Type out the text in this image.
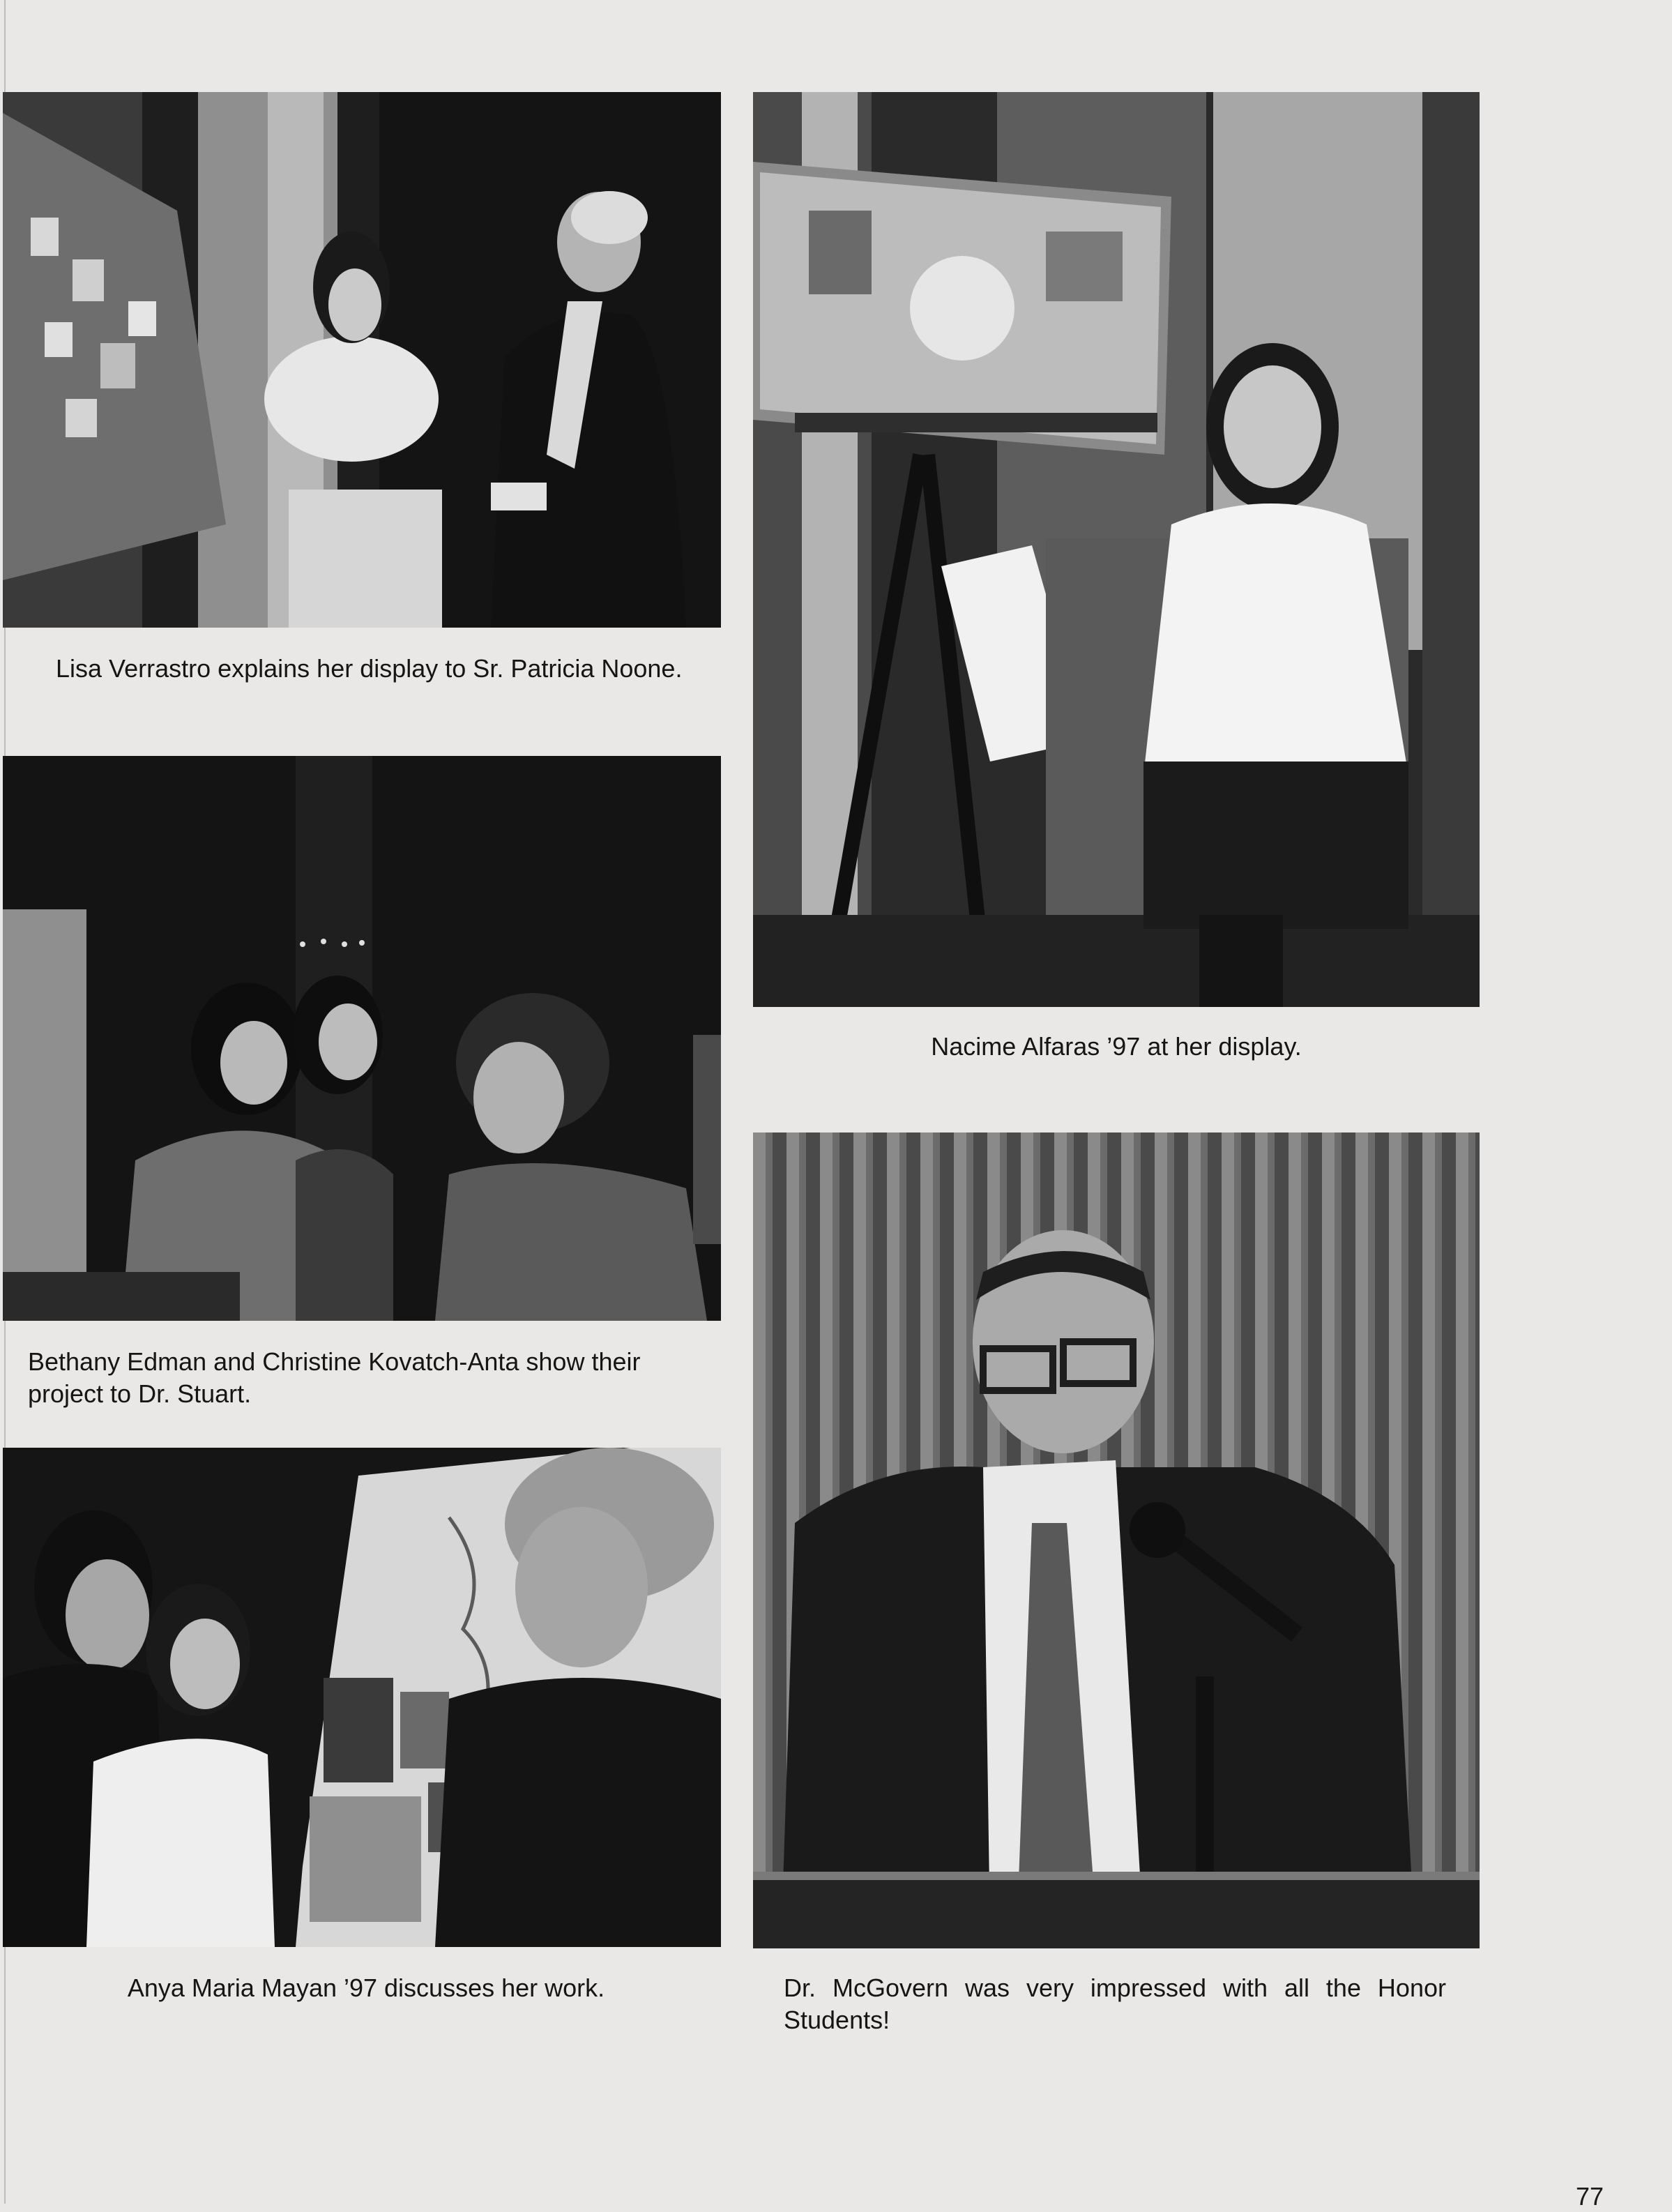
Lisa Verrastro explains her display to Sr. Patricia Noone.
Nacime Alfaras ’97 at her display.
Bethany Edman and Christine Kovatch-Anta show their project to Dr. Stuart.
Dr. McGovern was very impressed with all the Honor Students!
Anya Maria Mayan ’97 discusses her work.
77
